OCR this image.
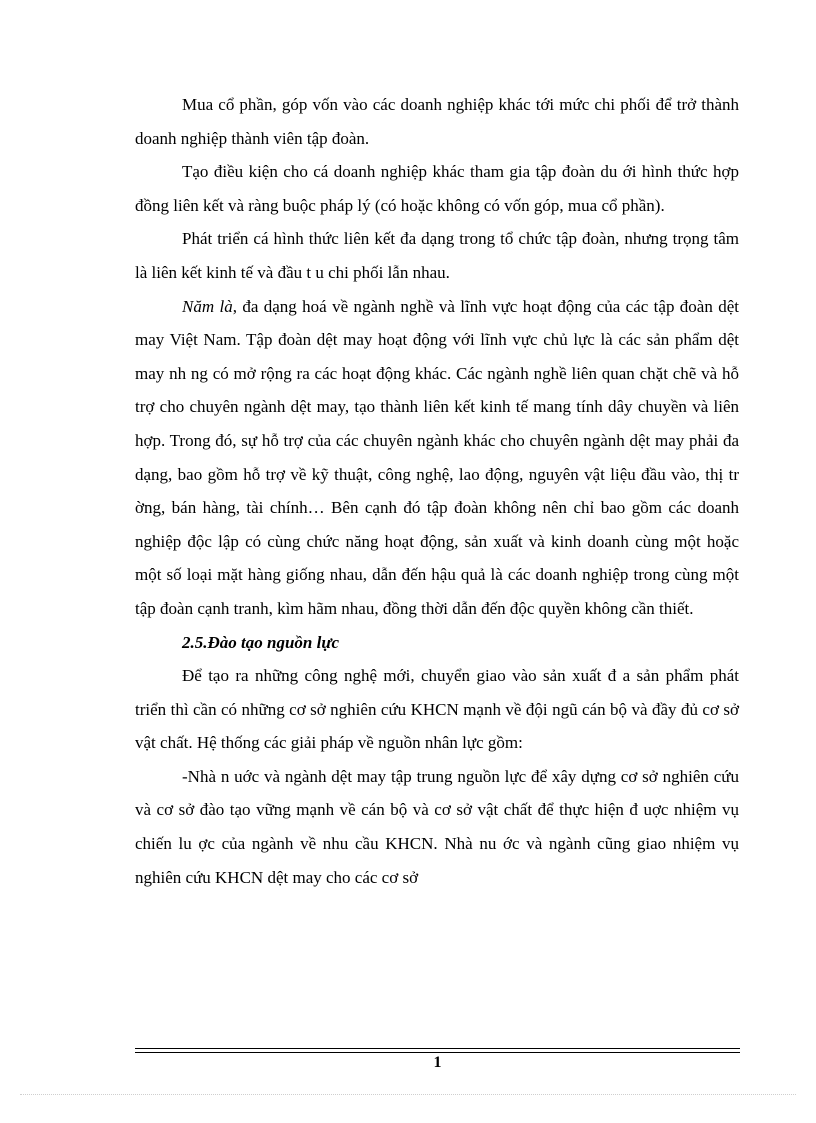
Mua cổ phần, góp vốn vào các doanh nghiệp khác tới mức chi phối để trở thành doanh nghiệp thành viên tập đoàn.

Tạo điều kiện cho cá doanh nghiệp khác tham gia tập đoàn du ới hình thức hợp đồng liên kết và ràng buộc pháp lý (có hoặc không có vốn góp, mua cổ phần).

Phát triển cá hình thức liên kết đa dạng trong tổ chức tập đoàn, nhưng trọng tâm là liên kết kinh tế và đầu t u chi phối lẫn nhau.

Năm là, đa dạng hoá về ngành nghề và lĩnh vực hoạt động của các tập đoàn dệt may Việt Nam. Tập đoàn dệt may hoạt động với lĩnh vực chủ lực là các sản phẩm dệt may nh ng có mở rộng ra các hoạt động khác. Các ngành nghề liên quan chặt chẽ và hỗ trợ cho chuyên ngành dệt may, tạo thành liên kết kinh tế mang tính dây chuyền và liên hợp. Trong đó, sự hỗ trợ của các chuyên ngành khác cho chuyên ngành dệt may phải đa dạng, bao gồm hỗ trợ về kỹ thuật, công nghệ, lao động, nguyên vật liệu đầu vào, thị tr ờng, bán hàng, tài chính… Bên cạnh đó tập đoàn không nên chỉ bao gồm các doanh nghiệp độc lập có cùng chức năng hoạt động, sản xuất và kinh doanh cùng một hoặc một số loại mặt hàng giống nhau, dẫn đến hậu quả là các doanh nghiệp trong cùng một tập đoàn cạnh tranh, kìm hãm nhau, đồng thời dẫn đến độc quyền không cần thiết.

2.5.Đào tạo nguồn lực

Để tạo ra những công nghệ mới, chuyển giao vào sản xuất đ a sản phẩm phát triển thì cần có những cơ sở nghiên cứu KHCN mạnh về đội ngũ cán bộ và đầy đủ cơ sở vật chất. Hệ thống các giải pháp về nguồn nhân lực gồm:

-Nhà n uớc và ngành dệt may tập trung nguồn lực để xây dựng cơ sở nghiên cứu và cơ sở đào tạo vững mạnh về cán bộ và cơ sở vật chất để thực hiện đ uợc nhiệm vụ chiến lu ợc của ngành về nhu cầu KHCN. Nhà nu ớc và ngành cũng giao nhiệm vụ nghiên cứu KHCN dệt may cho các cơ sở

1
